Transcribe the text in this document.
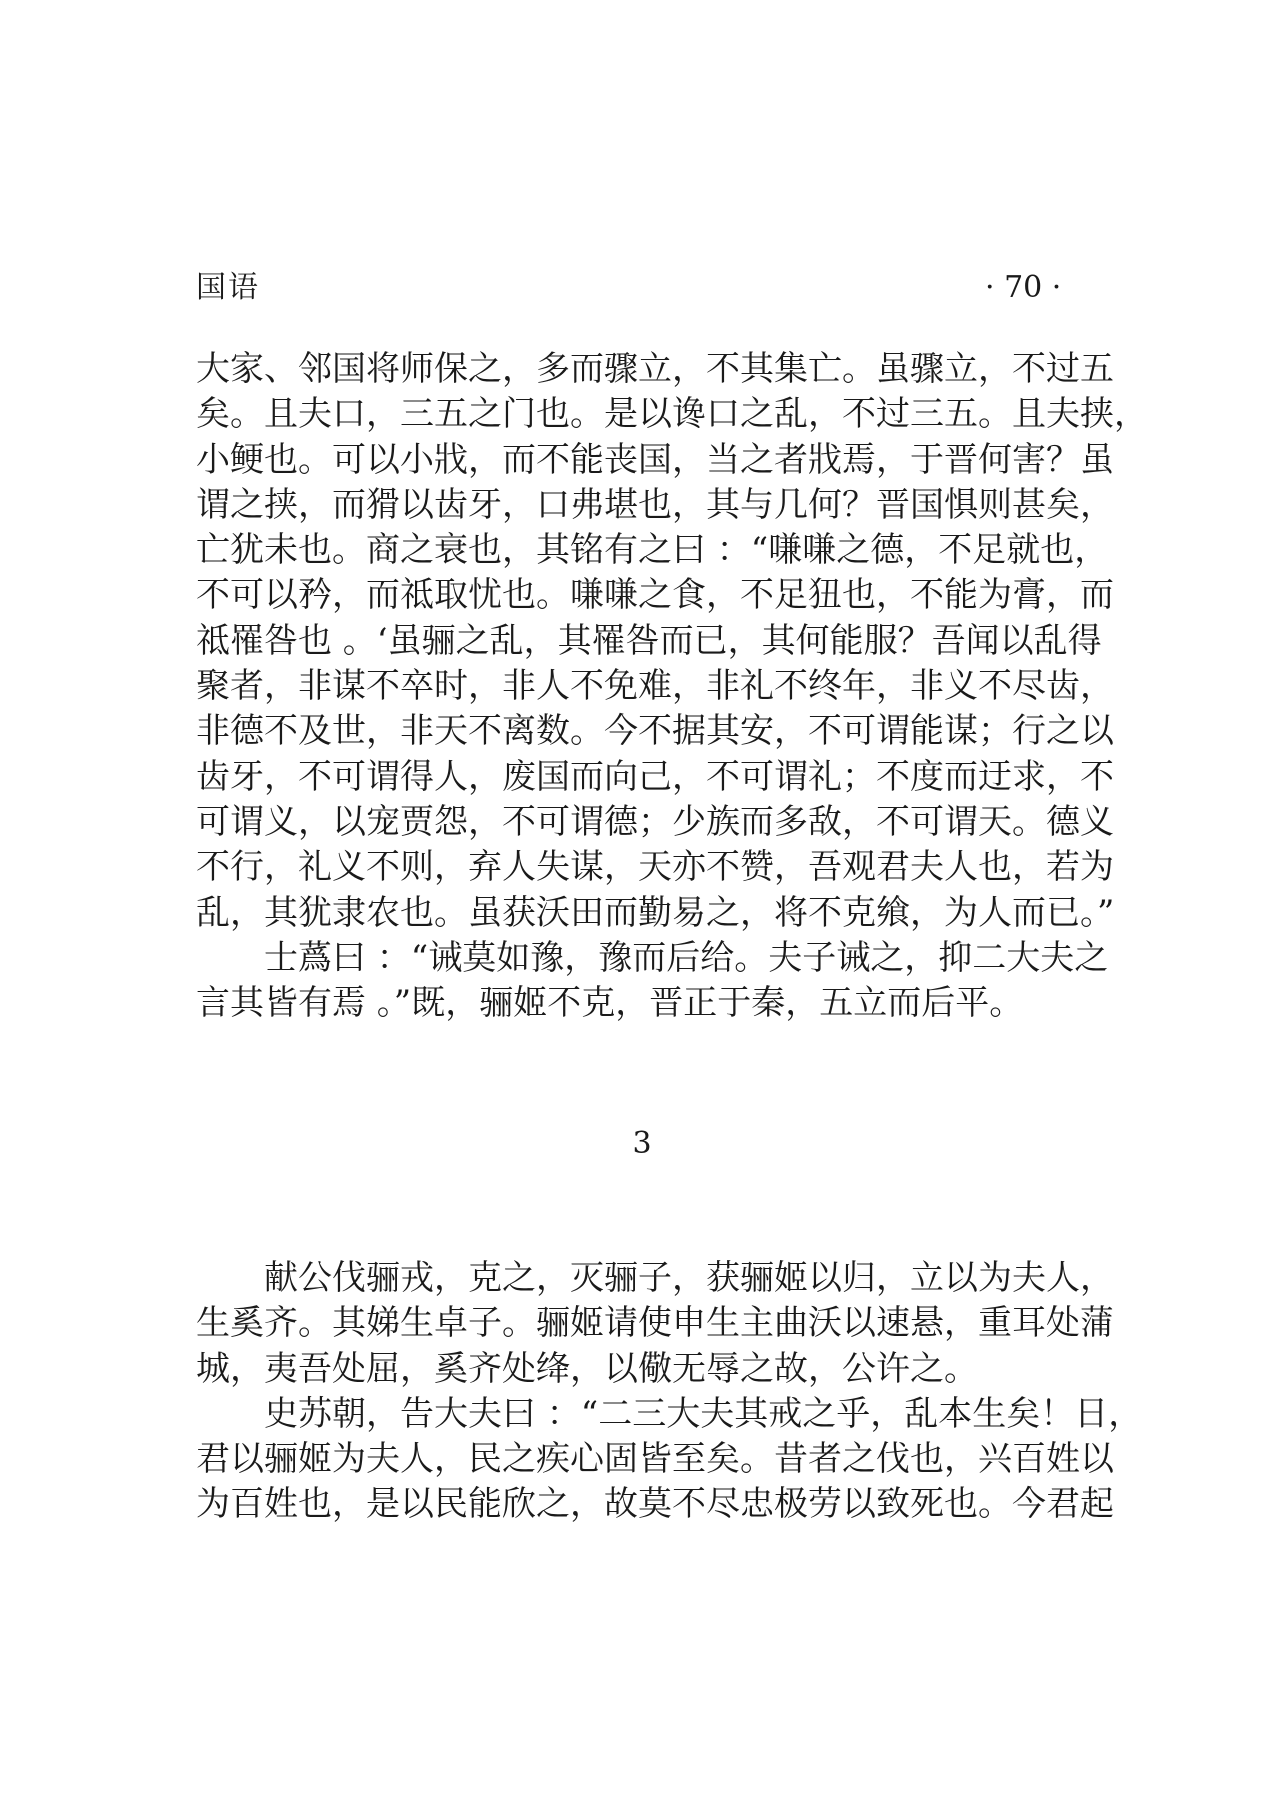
国语	· 70 ·
大家、邻国将师保之，多而骤立，不其集亡。虽骤立，不过五
矣。且夫口，三五之门也。是以谗口之乱，不过三五。且夫挟，
小鲠也。可以小戕，而不能丧国，当之者戕焉，于晋何害？虽
谓之挟，而猾以齿牙，口弗堪也，其与几何？晋国惧则甚矣，
亡犹未也。商之衰也，其铭有之曰 ：“嗛嗛之德，不足就也，
不可以矜，而祗取忧也。嗛嗛之食，不足狃也，不能为膏，而
祗罹咎也 。‘虽骊之乱，其罹咎而已，其何能服？吾闻以乱得
聚者，非谋不卒时，非人不免难，非礼不终年，非义不尽齿，
非德不及世，非天不离数。今不据其安，不可谓能谋；行之以
齿牙，不可谓得人，废国而向己，不可谓礼；不度而迂求，不
可谓义，以宠贾怨，不可谓德；少族而多敌，不可谓天。德义
不行，礼义不则，弃人失谋，天亦不赞，吾观君夫人也，若为
乱，其犹隶农也。虽获沃田而勤易之，将不克飨，为人而已。”
士蔿曰 ：“诫莫如豫，豫而后给。夫子诫之，抑二大夫之
言其皆有焉 。”既，骊姬不克，晋正于秦，五立而后平。
3
献公伐骊戎，克之，灭骊子，获骊姬以归，立以为夫人，
生奚齐。其娣生卓子。骊姬请使申生主曲沃以速悬，重耳处蒲
城，夷吾处屈，奚齐处绛，以儆无辱之故，公许之。
史苏朝，告大夫曰 ：“二三大夫其戒之乎，乱本生矣！日，
君以骊姬为夫人，民之疾心固皆至矣。昔者之伐也，兴百姓以
为百姓也，是以民能欣之，故莫不尽忠极劳以致死也。今君起
